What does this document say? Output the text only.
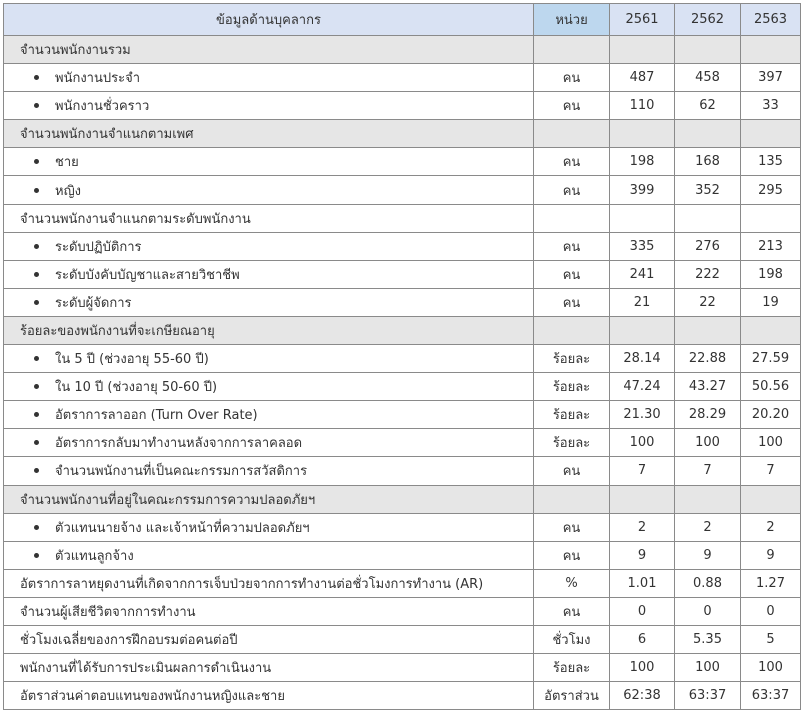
ข้อมูลด้านบุคลากร	หน่วย	2561	2562	2563
จำนวนพนักงานรวม				
พนักงานประจำ	คน	487	458	397
พนักงานชั่วคราว	คน	110	62	33
จำนวนพนักงานจำแนกตามเพศ				
ชาย	คน	198	168	135
หญิง	คน	399	352	295
จำนวนพนักงานจำแนกตามระดับพนักงาน				
ระดับปฏิบัติการ	คน	335	276	213
ระดับบังคับบัญชาและสายวิชาชีพ	คน	241	222	198
ระดับผู้จัดการ	คน	21	22	19
ร้อยละของพนักงานที่จะเกษียณอายุ				
ใน 5 ปี (ช่วงอายุ 55-60 ปี)	ร้อยละ	28.14	22.88	27.59
ใน 10 ปี (ช่วงอายุ 50-60 ปี)	ร้อยละ	47.24	43.27	50.56
อัตราการลาออก (Turn Over Rate)	ร้อยละ	21.30	28.29	20.20
อัตราการกลับมาทำงานหลังจากการลาคลอด	ร้อยละ	100	100	100
จำนวนพนักงานที่เป็นคณะกรรมการสวัสดิการ	คน	7	7	7
จำนวนพนักงานที่อยู่ในคณะกรรมการความปลอดภัยฯ				
ตัวแทนนายจ้าง และเจ้าหน้าที่ความปลอดภัยฯ	คน	2	2	2
ตัวแทนลูกจ้าง	คน	9	9	9
อัตราการลาหยุดงานที่เกิดจากการเจ็บป่วยจากการทำงานต่อชั่วโมงการทำงาน (AR)	%	1.01	0.88	1.27
จำนวนผู้เสียชีวิตจากการทำงาน	คน	0	0	0
ชั่วโมงเฉลี่ยของการฝึกอบรมต่อคนต่อปี	ชั่วโมง	6	5.35	5
พนักงานที่ได้รับการประเมินผลการดำเนินงาน	ร้อยละ	100	100	100
อัตราส่วนค่าตอบแทนของพนักงานหญิงและชาย	อัตราส่วน	62:38	63:37	63:37
